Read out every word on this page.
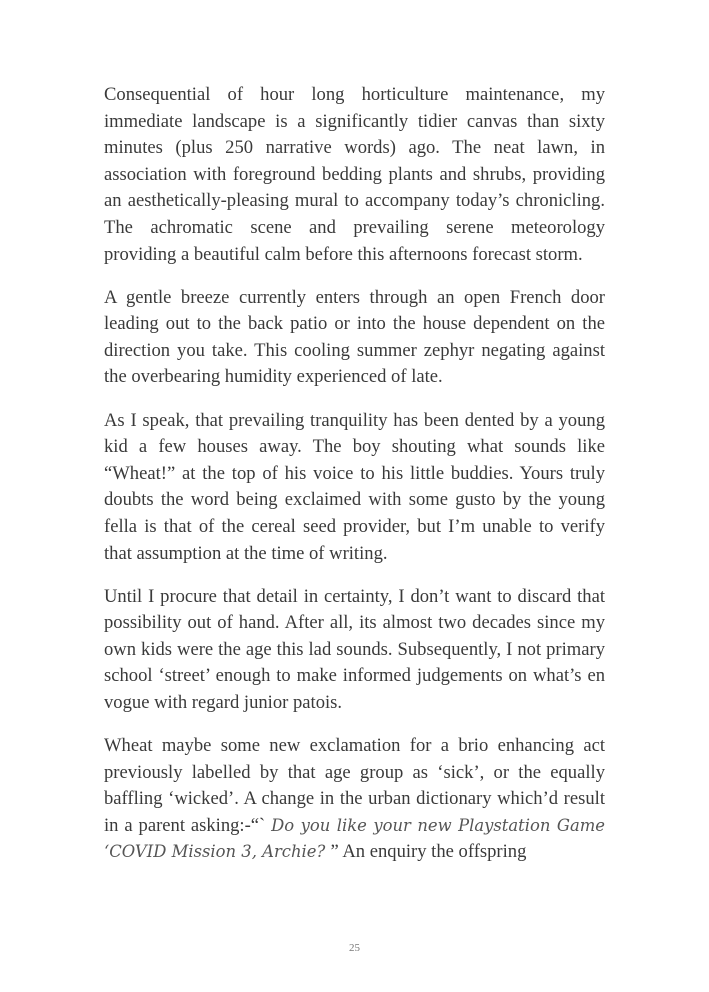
Consequential of hour long horticulture maintenance, my immediate landscape is a significantly tidier canvas than sixty minutes (plus 250 narrative words) ago. The neat lawn, in association with foreground bedding plants and shrubs, providing an aesthetically-pleasing mural to accompany today’s chronicling. The achromatic scene and prevailing serene meteorology providing a beautiful calm before this afternoons forecast storm.

A gentle breeze currently enters through an open French door leading out to the back patio or into the house dependent on the direction you take. This cooling summer zephyr negating against the overbearing humidity experienced of late.

As I speak, that prevailing tranquility has been dented by a young kid a few houses away. The boy shouting what sounds like “Wheat!” at the top of his voice to his little buddies. Yours truly doubts the word being exclaimed with some gusto by the young fella is that of the cereal seed provider, but I’m unable to verify that assumption at the time of writing.

Until I procure that detail in certainty, I don’t want to discard that possibility out of hand. After all, its almost two decades since my own kids were the age this lad sounds. Subsequently, I not primary school ‘street’ enough to make informed judgements on what’s en vogue with regard junior patois.

Wheat maybe some new exclamation for a brio enhancing act previously labelled by that age group as ‘sick’, or the equally baffling ‘wicked’. A change in the urban dictionary which’d result in a parent asking:-“` Do you like your new Playstation Game ‘COVID Mission 3, Archie? ” An enquiry the offspring

25
